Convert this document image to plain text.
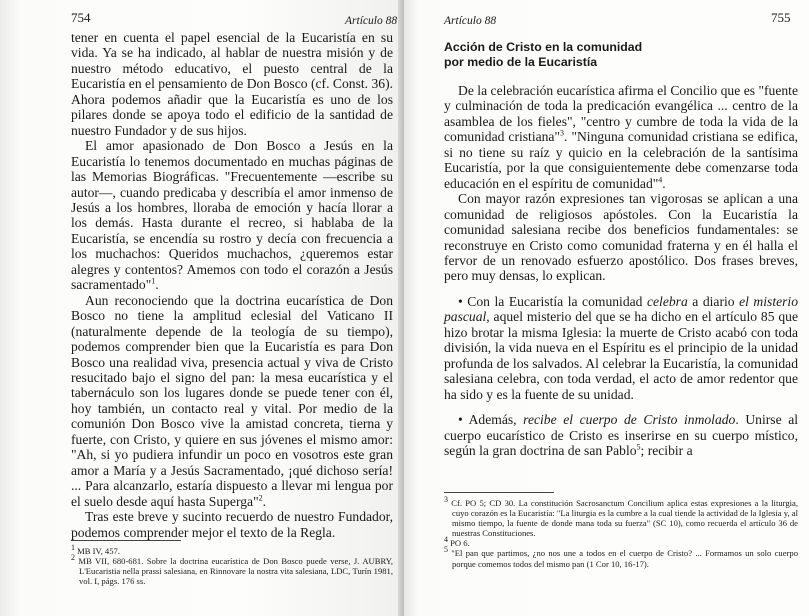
754	Artículo 88

tener en cuenta el papel esencial de la Eucaristía en su vida. Ya se ha indicado, al hablar de nuestra misión y de nuestro método educativo, el puesto central de la Eucaristía en el pensamiento de Don Bosco (cf. Const. 36). Ahora podemos añadir que la Eucaristía es uno de los pilares donde se apoya todo el edificio de la santidad de nuestro Fundador y de sus hijos.

El amor apasionado de Don Bosco a Jesús en la Eucaristía lo tenemos documentado en muchas páginas de las Memorias Biográficas. "Frecuentemente —escribe su autor—, cuando predicaba y describía el amor inmenso de Jesús a los hombres, lloraba de emoción y hacía llorar a los demás. Hasta durante el recreo, si hablaba de la Eucaristía, se encendía su rostro y decía con frecuencia a los muchachos: Queridos muchachos, ¿queremos estar alegres y contentos? Amemos con todo el corazón a Jesús sacramentado"$^1$.

Aun reconociendo que la doctrina eucarística de Don Bosco no tiene la amplitud eclesial del Vaticano II (naturalmente depende de la teología de su tiempo), podemos comprender bien que la Eucaristía es para Don Bosco una realidad viva, presencia actual y viva de Cristo resucitado bajo el signo del pan: la mesa eucarística y el tabernáculo son los lugares donde se puede tener con él, hoy también, un contacto real y vital. Por medio de la comunión Don Bosco vive la amistad concreta, tierna y fuerte, con Cristo, y quiere en sus jóvenes el mismo amor: "Ah, si yo pudiera infundir un poco en vosotros este gran amor a María y a Jesús Sacramentado, ¡qué dichoso sería! ... Para alcanzarlo, estaría dispuesto a llevar mi lengua por el suelo desde aquí hasta Superga"$^2$.

Tras este breve y sucinto recuerdo de nuestro Fundador, podemos comprender mejor el texto de la Regla.

$^1$ MB IV, 457.

$^2$ MB VII, 680-681. Sobre la doctrina eucarística de Don Bosco puede verse, J. AUBRY, L'Eucaristia nella prassi salesiana, en Rinnovare la nostra vita salesiana, LDC, Turín 1981, vol. I, págs. 176 ss.

Artículo 88	755
Acción de Cristo en la comunidad
por medio de la Eucaristía

De la celebración eucarística afirma el Concilio que es "fuente y culminación de toda la predicación evangélica ... centro de la asamblea de los fieles", "centro y cumbre de toda la vida de la comunidad cristiana"$^3$. "Ninguna comunidad cristiana se edifica, si no tiene su raíz y quicio en la celebración de la santísima Eucaristía, por la que consiguientemente debe comenzarse toda educación en el espíritu de comunidad"$^4$.

Con mayor razón expresiones tan vigorosas se aplican a una comunidad de religiosos apóstoles. Con la Eucaristía la comunidad salesiana recibe dos beneficios fundamentales: se reconstruye en Cristo como comunidad fraterna y en él halla el fervor de un renovado esfuerzo apostólico. Dos frases breves, pero muy densas, lo explican.

• Con la Eucaristía la comunidad celebra a diario el misterio pascual, aquel misterio del que se ha dicho en el artículo 85 que hizo brotar la misma Iglesia: la muerte de Cristo acabó con toda división, la vida nueva en el Espíritu es el principio de la unidad profunda de los salvados. Al celebrar la Eucaristía, la comunidad salesiana celebra, con toda verdad, el acto de amor redentor que ha sido y es la fuente de su unidad.

• Además, recibe el cuerpo de Cristo inmolado. Unirse al cuerpo eucarístico de Cristo es inserirse en su cuerpo místico, según la gran doctrina de san Pablo$^5$; recibir a

$^3$ Cf. PO 5; CD 30. La constitución Sacrosanctum Concilium aplica estas expresiones a la liturgia, cuyo corazón es la Eucaristía: "La liturgia es la cumbre a la cual tiende la actividad de la Iglesia y, al mismo tiempo, la fuente de donde mana toda su fuerza" (SC 10), como recuerda el artículo 36 de nuestras Constituciones.

$^4$ PO 6.

$^5$ "El pan que partimos, ¿no nos une a todos en el cuerpo de Cristo? ... Formamos un solo cuerpo porque comemos todos del mismo pan (1 Cor 10, 16-17).
